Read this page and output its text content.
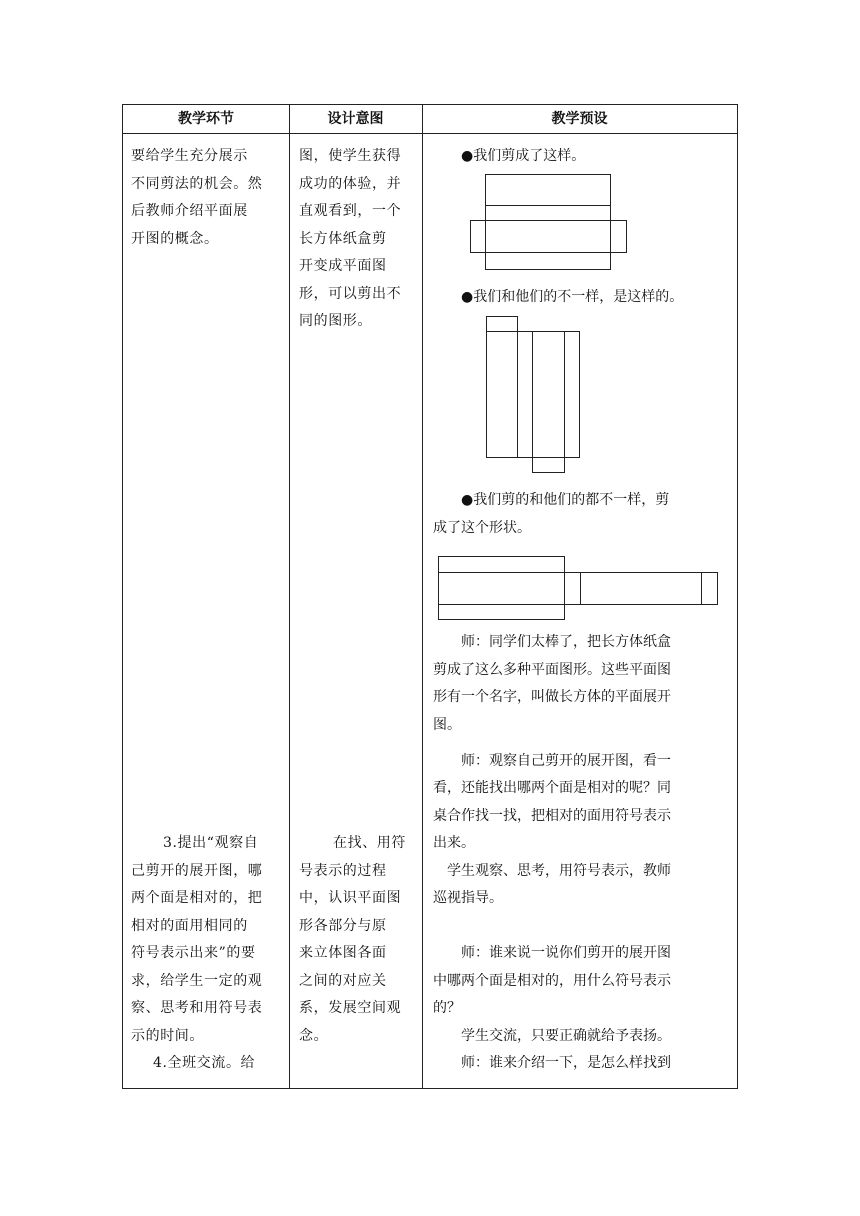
教学环节	设计意图	教学预设

要给学生充分展示

不同剪法的机会。然

后教师介绍平面展

开图的概念。

3.提出“观察自

己剪开的展开图，哪

两个面是相对的，把

相对的面用相同的

符号表示出来”的要

求，给学生一定的观

察、思考和用符号表

示的时间。

4.全班交流。给

图，使学生获得

成功的体验，并

直观看到，一个

长方体纸盒剪

开变成平面图

形，可以剪出不

同的图形。

在找、用符

号表示的过程

中，认识平面图

形各部分与原

来立体图各面

之间的对应关

系，发展空间观

念。

●我们剪成了这样。

●我们和他们的不一样，是这样的。

●我们剪的和他们的都不一样，剪

成了这个形状。

师：同学们太棒了，把长方体纸盒

剪成了这么多种平面图形。这些平面图

形有一个名字，叫做长方体的平面展开

图。

师：观察自己剪开的展开图，看一

看，还能找出哪两个面是相对的呢？同

桌合作找一找，把相对的面用符号表示

出来。

学生观察、思考，用符号表示，教师

巡视指导。

师：谁来说一说你们剪开的展开图

中哪两个面是相对的，用什么符号表示

的？

学生交流，只要正确就给予表扬。

师：谁来介绍一下，是怎么样找到
